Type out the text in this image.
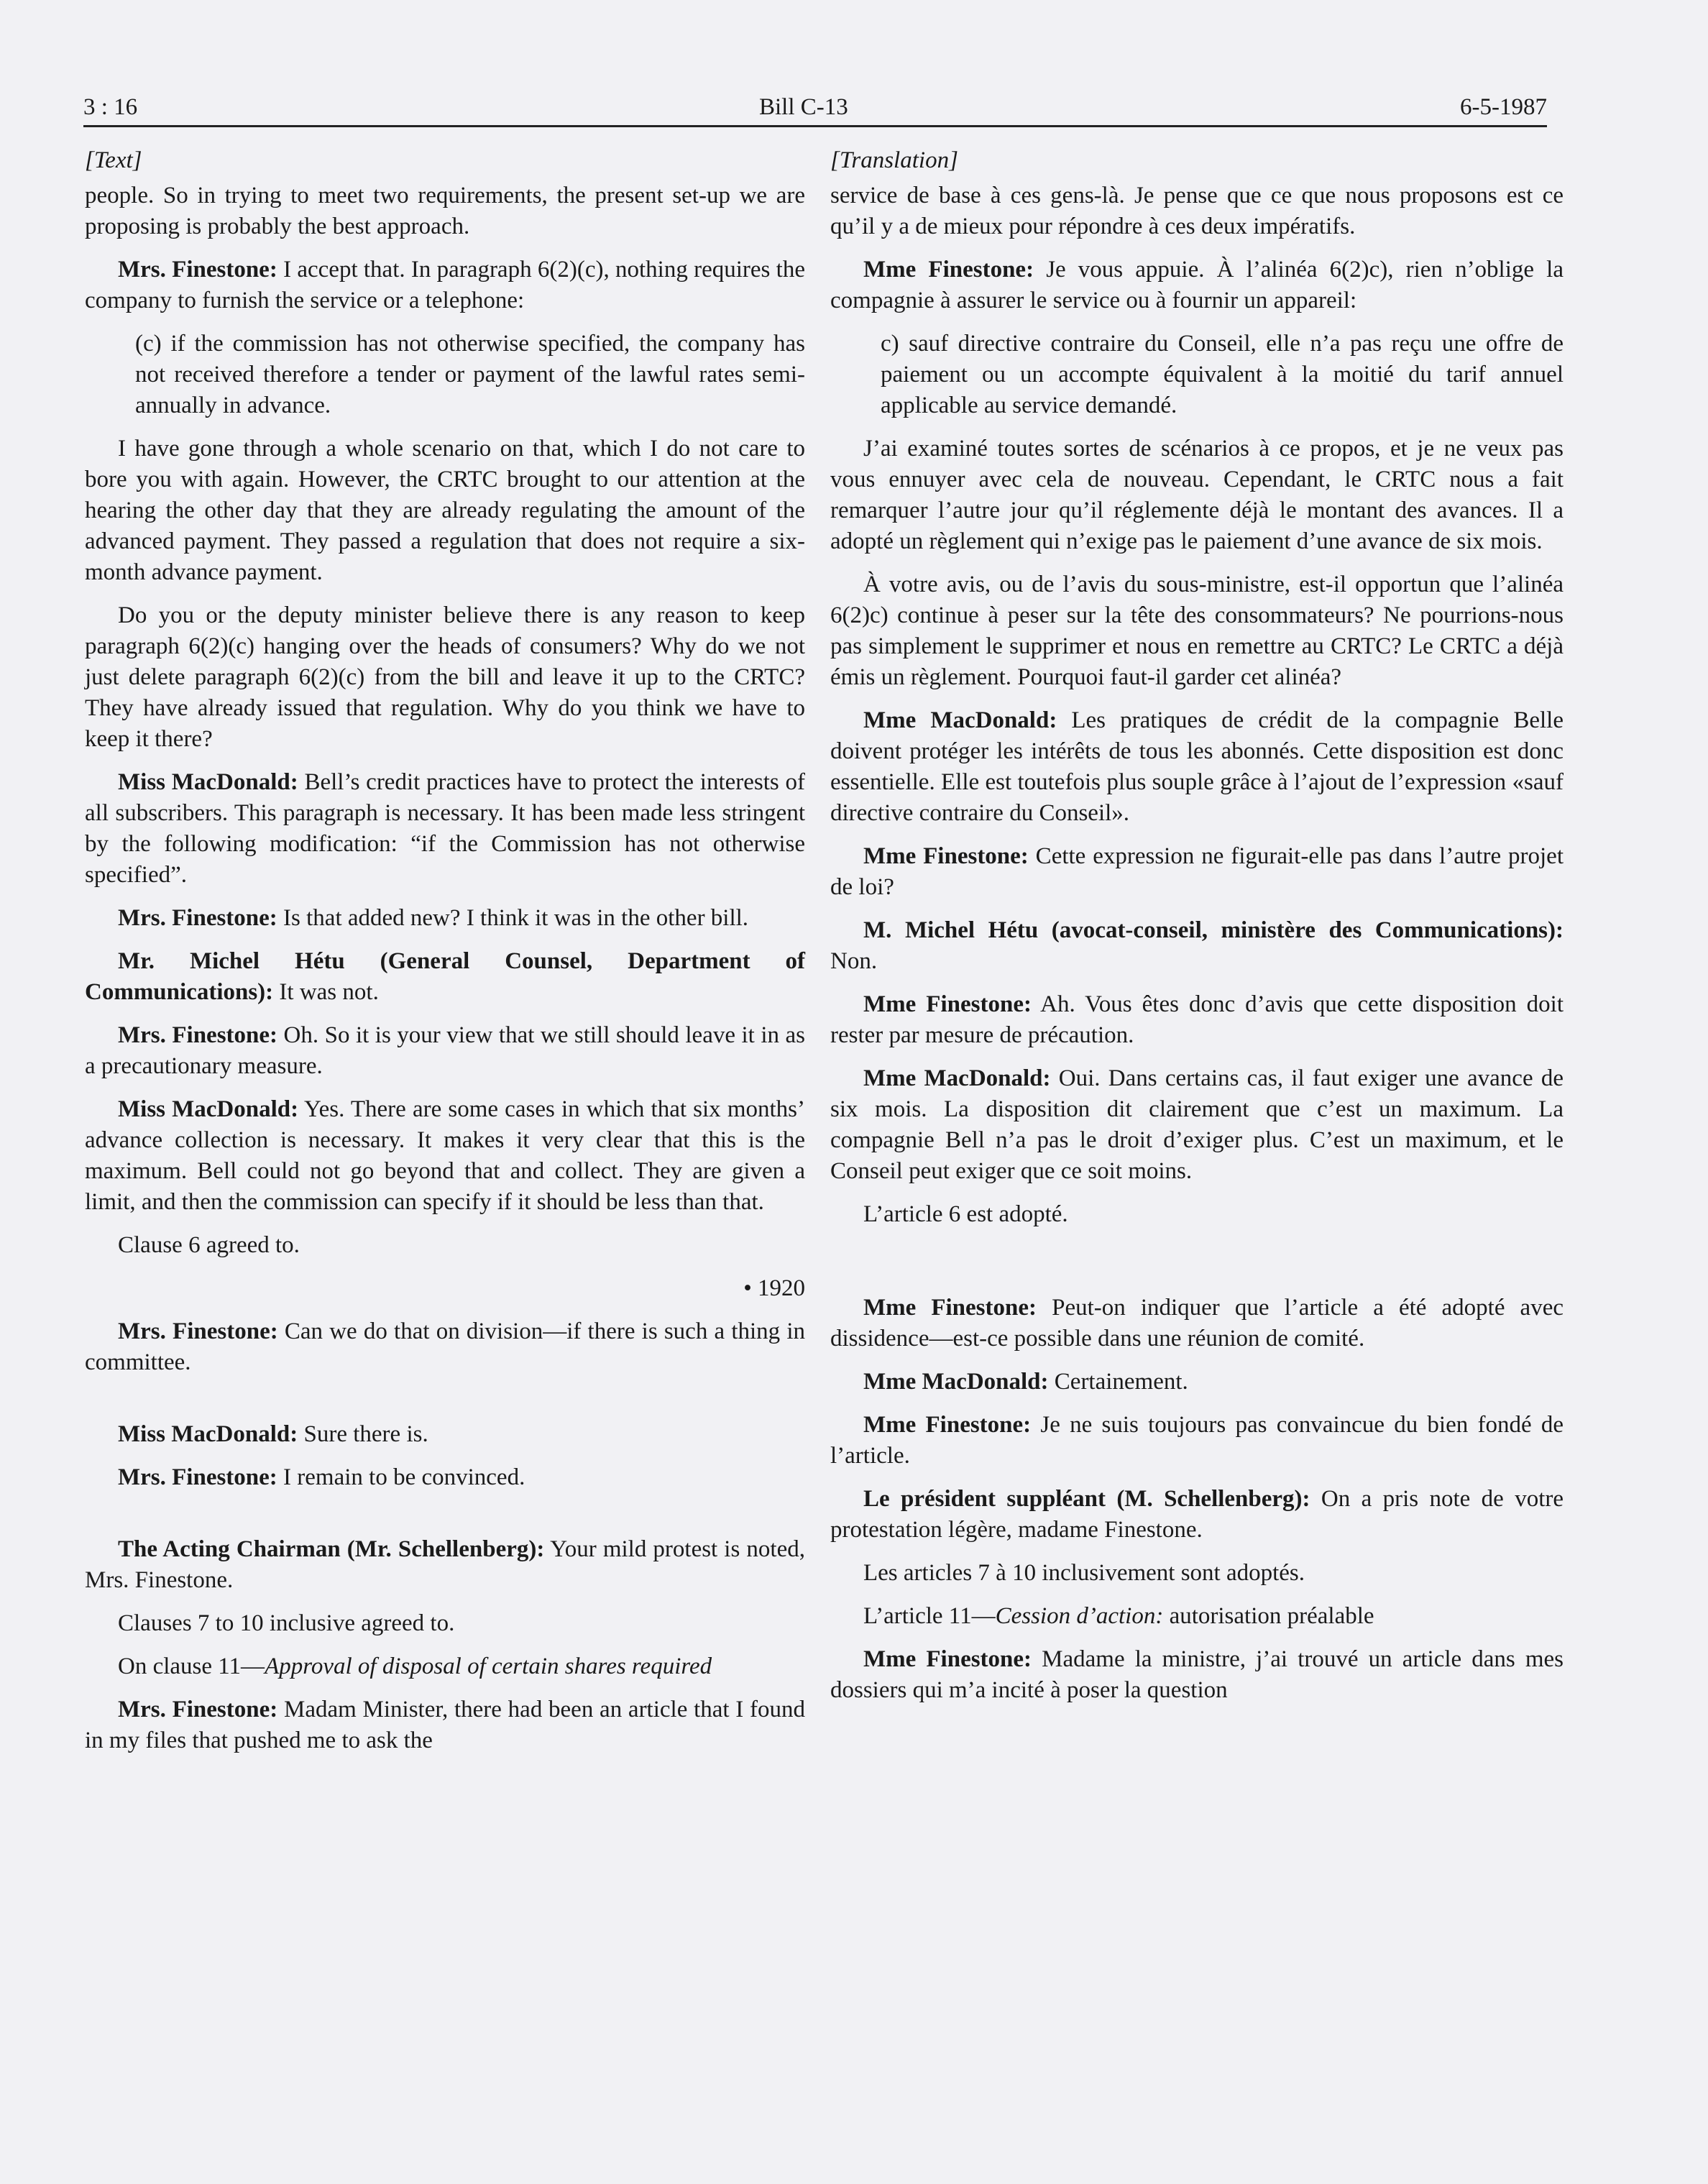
3 : 16	Bill C-13	6-5-1987

[Text]

people. So in trying to meet two requirements, the present set-up we are proposing is probably the best approach.

Mrs. Finestone: I accept that. In paragraph 6(2)(c), nothing requires the company to furnish the service or a telephone:

(c) if the commission has not otherwise specified, the company has not received therefore a tender or payment of the lawful rates semi-annually in advance.

I have gone through a whole scenario on that, which I do not care to bore you with again. However, the CRTC brought to our attention at the hearing the other day that they are already regulating the amount of the advanced payment. They passed a regulation that does not require a six-month advance payment.

Do you or the deputy minister believe there is any reason to keep paragraph 6(2)(c) hanging over the heads of consumers? Why do we not just delete paragraph 6(2)(c) from the bill and leave it up to the CRTC? They have already issued that regulation. Why do you think we have to keep it there?

Miss MacDonald: Bell’s credit practices have to protect the interests of all subscribers. This paragraph is necessary. It has been made less stringent by the following modification: “if the Commission has not otherwise specified”.

Mrs. Finestone: Is that added new? I think it was in the other bill.

Mr. Michel Hétu (General Counsel, Department of Communications): It was not.

Mrs. Finestone: Oh. So it is your view that we still should leave it in as a precautionary measure.

Miss MacDonald: Yes. There are some cases in which that six months’ advance collection is necessary. It makes it very clear that this is the maximum. Bell could not go beyond that and collect. They are given a limit, and then the commission can specify if it should be less than that.

Clause 6 agreed to.

• 1920

Mrs. Finestone: Can we do that on division—if there is such a thing in committee.

Miss MacDonald: Sure there is.

Mrs. Finestone: I remain to be convinced.

The Acting Chairman (Mr. Schellenberg): Your mild protest is noted, Mrs. Finestone.

Clauses 7 to 10 inclusive agreed to.

On clause 11—Approval of disposal of certain shares required

Mrs. Finestone: Madam Minister, there had been an article that I found in my files that pushed me to ask the

[Translation]

service de base à ces gens-là. Je pense que ce que nous proposons est ce qu’il y a de mieux pour répondre à ces deux impératifs.

Mme Finestone: Je vous appuie. À l’alinéa 6(2)c), rien n’oblige la compagnie à assurer le service ou à fournir un appareil:

c) sauf directive contraire du Conseil, elle n’a pas reçu une offre de paiement ou un accompte équivalent à la moitié du tarif annuel applicable au service demandé.

J’ai examiné toutes sortes de scénarios à ce propos, et je ne veux pas vous ennuyer avec cela de nouveau. Cependant, le CRTC nous a fait remarquer l’autre jour qu’il réglemente déjà le montant des avances. Il a adopté un règlement qui n’exige pas le paiement d’une avance de six mois.

À votre avis, ou de l’avis du sous-ministre, est-il opportun que l’alinéa 6(2)c) continue à peser sur la tête des consommateurs? Ne pourrions-nous pas simplement le supprimer et nous en remettre au CRTC? Le CRTC a déjà émis un règlement. Pourquoi faut-il garder cet alinéa?

Mme MacDonald: Les pratiques de crédit de la compagnie Belle doivent protéger les intérêts de tous les abonnés. Cette disposition est donc essentielle. Elle est toutefois plus souple grâce à l’ajout de l’expression «sauf directive contraire du Conseil».

Mme Finestone: Cette expression ne figurait-elle pas dans l’autre projet de loi?

M. Michel Hétu (avocat-conseil, ministère des Communications): Non.

Mme Finestone: Ah. Vous êtes donc d’avis que cette disposition doit rester par mesure de précaution.

Mme MacDonald: Oui. Dans certains cas, il faut exiger une avance de six mois. La disposition dit clairement que c’est un maximum. La compagnie Bell n’a pas le droit d’exiger plus. C’est un maximum, et le Conseil peut exiger que ce soit moins.

L’article 6 est adopté.

Mme Finestone: Peut-on indiquer que l’article a été adopté avec dissidence—est-ce possible dans une réunion de comité.

Mme MacDonald: Certainement.

Mme Finestone: Je ne suis toujours pas convaincue du bien fondé de l’article.

Le président suppléant (M. Schellenberg): On a pris note de votre protestation légère, madame Finestone.

Les articles 7 à 10 inclusivement sont adoptés.

L’article 11—Cession d’action: autorisation préalable

Mme Finestone: Madame la ministre, j’ai trouvé un article dans mes dossiers qui m’a incité à poser la question
